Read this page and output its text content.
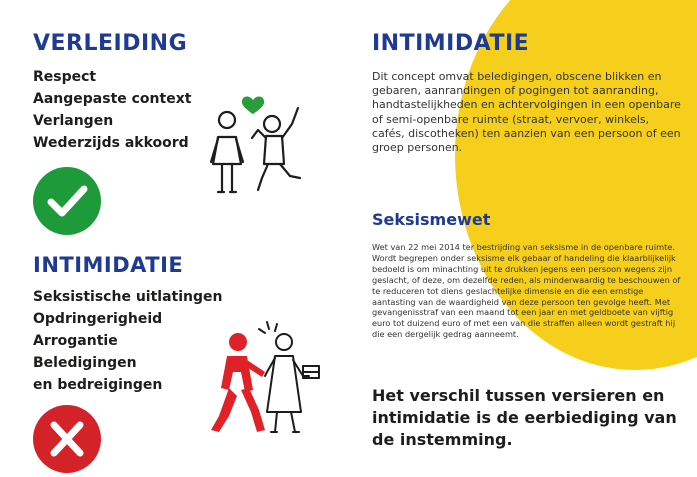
VERLEIDING
Respect
Aangepaste context
Verlangen
Wederzijds akkoord
INTIMIDATIE
Seksistische uitlatingen
Opdringerigheid
Arrogantie
Beledigingen
en bedreigingen
INTIMIDATIE

Dit concept omvat beledigingen, obscene blikken en gebaren, aanrandingen of pogingen tot aanranding, handtastelijkheden en achtervolgingen in een openbare of semi-openbare ruimte (straat, vervoer, winkels, cafés, discotheken) ten aanzien van een persoon of een groep personen.

Seksismewet

Wet van 22 mei 2014 ter bestrijding van seksisme in de openbare ruimte. Wordt begrepen onder seksisme elk gebaar of handeling die klaarblijkelijk bedoeld is om minachting uit te drukken jegens een persoon wegens zijn geslacht, of deze, om dezelfde reden, als minderwaardig te beschouwen of te reduceren tot diens geslachtelijke dimensie en die een ernstige aantasting van de waardigheid van deze persoon ten gevolge heeft. Met gevangenisstraf van een maand tot een jaar en met geldboete van vijftig euro tot duizend euro of met een van die straffen alleen wordt gestraft hij die een dergelijk gedrag aanneemt.

Het verschil tussen versieren en intimidatie is de eerbiediging van de instemming.
